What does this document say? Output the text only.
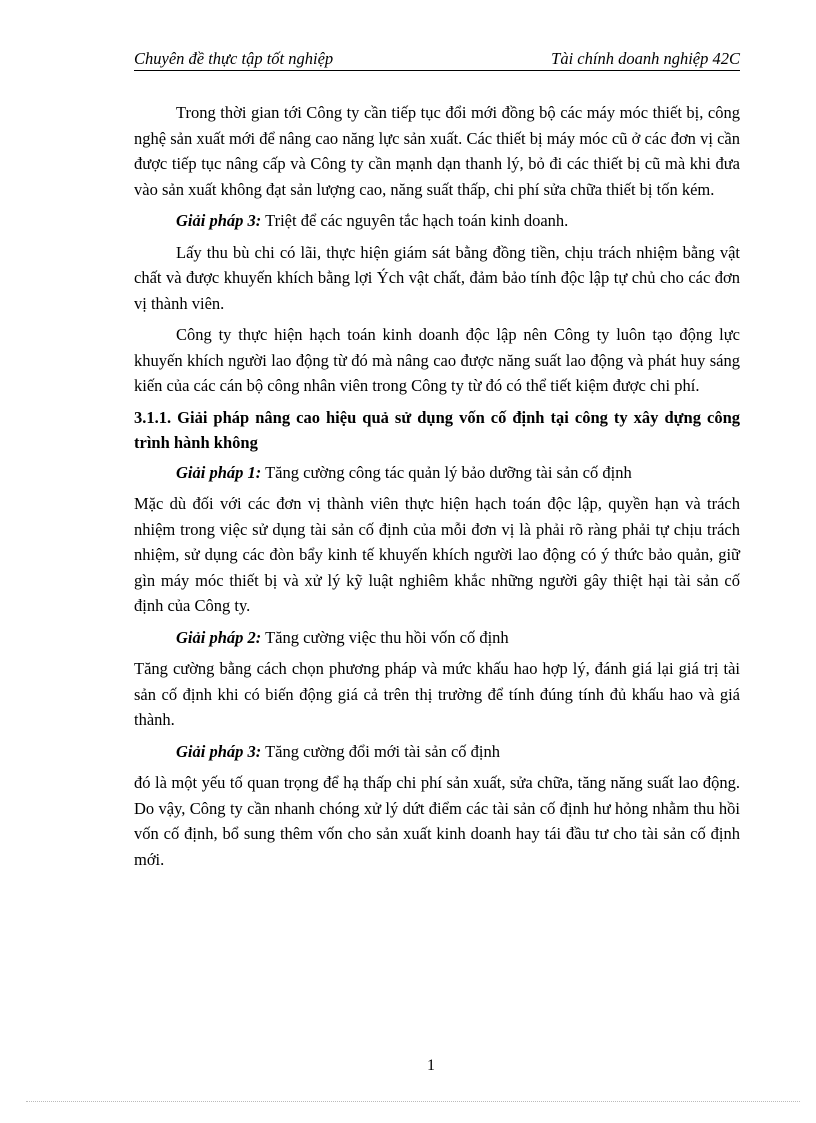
Chuyên đề thực tập tốt nghiệp	Tài chính doanh nghiệp 42C

Trong thời gian tới Công ty cần tiếp tục đổi mới đồng bộ các máy móc thiết bị, công nghệ sản xuất mới để nâng cao năng lực sản xuất. Các thiết bị máy móc cũ ở các đơn vị cần được tiếp tục nâng cấp và Công ty cần mạnh dạn thanh lý, bỏ đi các thiết bị cũ mà khi đưa vào sản xuất không đạt sản lượng cao, năng suất thấp, chi phí sửa chữa thiết bị tốn kém.

Giải pháp 3: Triệt để các nguyên tắc hạch toán kinh doanh.

Lấy thu bù chi có lãi, thực hiện giám sát bằng đồng tiền, chịu trách nhiệm bằng vật chất và được khuyến khích bằng lợi Ých vật chất, đảm bảo tính độc lập tự chủ cho các đơn vị thành viên.

Công ty thực hiện hạch toán kinh doanh độc lập nên Công ty luôn tạo động lực khuyến khích người lao động từ đó mà nâng cao được năng suất lao động và phát huy sáng kiến của các cán bộ công nhân viên trong Công ty từ đó có thể tiết kiệm được chi phí.

3.1.1. Giải pháp nâng cao hiệu quả sử dụng vốn cố định tại công ty xây dựng công trình hành không

Giải pháp 1: Tăng cường công tác quản lý bảo dưỡng tài sản cố định

Mặc dù đối với các đơn vị thành viên thực hiện hạch toán độc lập, quyền hạn và trách nhiệm trong việc sử dụng tài sản cố định của mỗi đơn vị là phải rõ ràng phải tự chịu trách nhiệm, sử dụng các đòn bẩy kinh tế khuyến khích người lao động có ý thức bảo quản, giữ gìn máy móc thiết bị và xử lý kỹ luật nghiêm khắc những người gây thiệt hại tài sản cố định của Công ty.

Giải pháp 2: Tăng cường việc thu hồi vốn cố định

Tăng cường bằng cách chọn phương pháp và mức khấu hao hợp lý, đánh giá lại giá trị tài sản cố định khi có biến động giá cả trên thị trường để tính đúng tính đủ khấu hao và giá thành.

Giải pháp 3: Tăng cường đổi mới tài sản cố định

đó là một yếu tố quan trọng để hạ thấp chi phí sản xuất, sửa chữa, tăng năng suất lao động. Do vậy, Công ty cần nhanh chóng xử lý dứt điểm các tài sản cố định hư hỏng nhằm thu hồi vốn cố định, bổ sung thêm vốn cho sản xuất kinh doanh hay tái đầu tư cho tài sản cố định mới.

1
